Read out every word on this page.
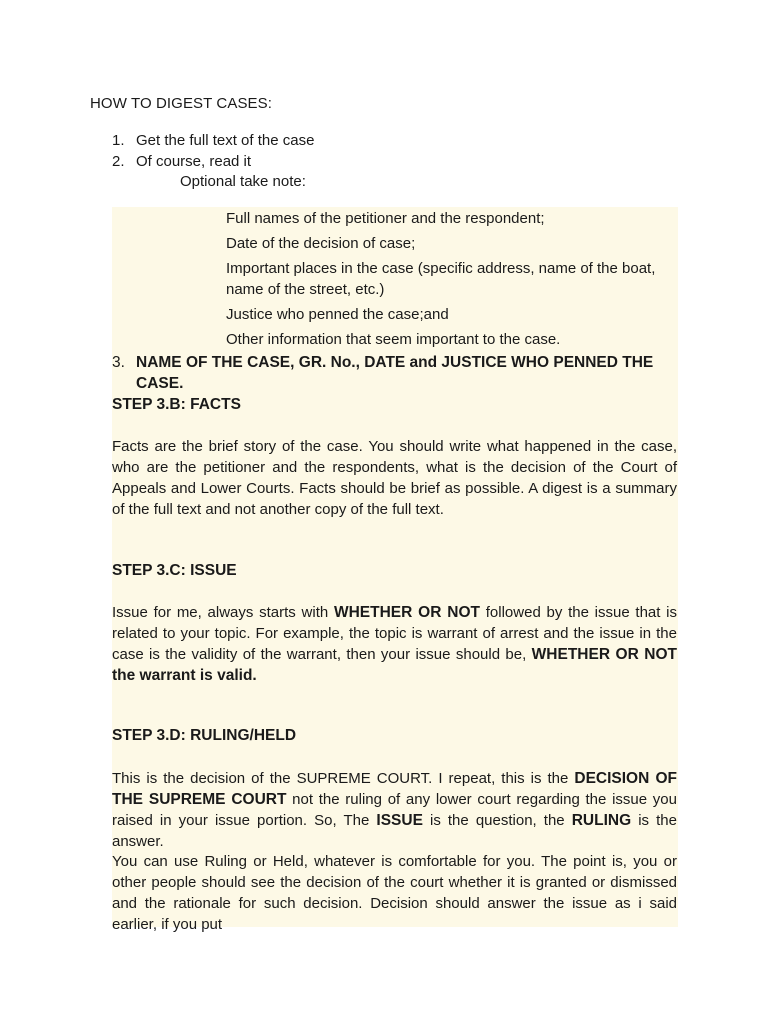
HOW TO DIGEST CASES:
1. Get the full text of the case
2. Of course, read it
Optional take note:
Full names of the petitioner and the respondent;
Date of the decision of case;
Important places in the case (specific address, name of the boat, name of the street, etc.)
Justice who penned the case;and
Other information that seem important to the case.
3. NAME OF THE CASE, GR. No., DATE and JUSTICE WHO PENNED THE CASE.
STEP 3.B: FACTS
Facts are the brief story of the case. You should write what happened in the case, who are the petitioner and the respondents, what is the decision of the Court of Appeals and Lower Courts. Facts should be brief as possible. A digest is a summary of the full text and not another copy of the full text.
STEP 3.C: ISSUE
Issue for me, always starts with WHETHER OR NOT followed by the issue that is related to your topic. For example, the topic is warrant of arrest and the issue in the case is the validity of the warrant, then your issue should be, WHETHER OR NOT the warrant is valid.
STEP 3.D: RULING/HELD
This is the decision of the SUPREME COURT. I repeat, this is the DECISION OF THE SUPREME COURT not the ruling of any lower court regarding the issue you raised in your issue portion. So, The ISSUE is the question, the RULING is the answer.
You can use Ruling or Held, whatever is comfortable for you. The point is, you or other people should see the decision of the court whether it is granted or dismissed and the rationale for such decision. Decision should answer the issue as i said earlier, if you put
